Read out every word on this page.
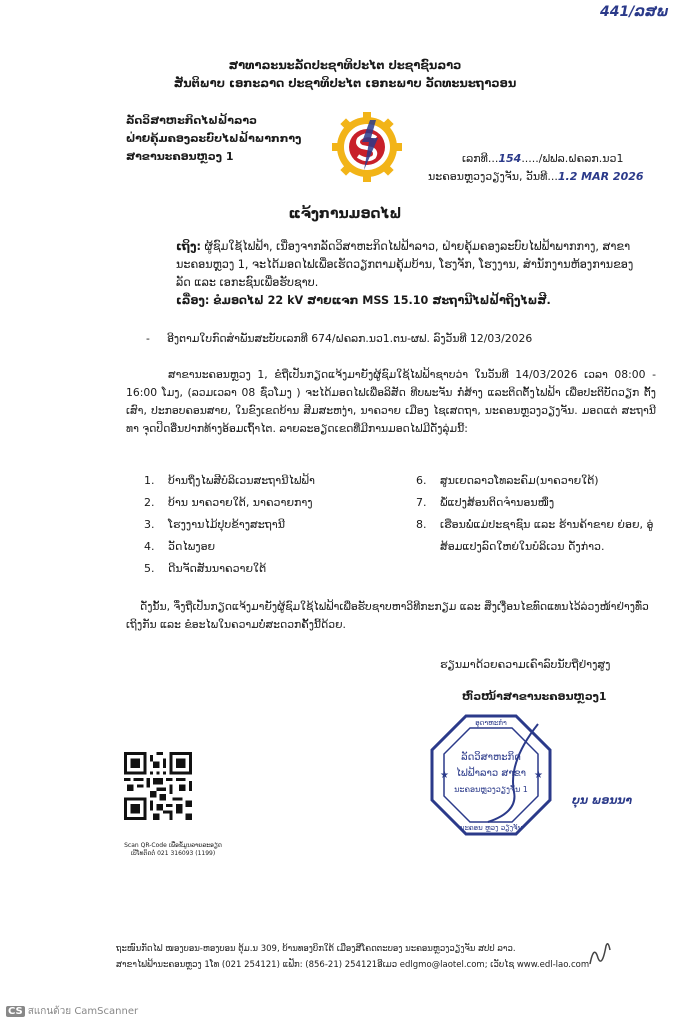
441/ລສພ
ສາທາລະນະລັດປະຊາທິປະໄຕ ປະຊາຊົນລາວ
ສັນຕິພາບ ເອກະລາດ ປະຊາທິປະໄຕ ເອກະພາບ ວັດທະນະຖາວອນ
ລັດວິສາຫະກິດໄຟຟ້າລາວ
ຝ່າຍຄຸ້ມຄອງລະບົບໄຟຟ້າພາກກາງ
ສາຂານະຄອນຫຼວງ 1	ເລກທີ...154...../ຟຟລ.ຝຄລກ.ນວ1
ນະຄອນຫຼວງວຽງຈັນ, ວັນທີ...1.2 MAR 2026
ແຈ້ງການມອດໄຟ
ເຖິງ: ຜູ້ຊົມໃຊ້ໄຟຟ້າ, ເນື່ອງຈາກລັດວິສາຫະກິດໄຟຟ້າລາວ, ຝ່າຍຄຸ້ມຄອງລະບົບໄຟຟ້າພາກກາງ, ສາຂານະຄອນຫຼວງ 1, ຈະໄດ້ມອດໄຟເພື່ອເຮັດວຽກຕາມຄຸ້ມບ້ານ, ໂຮງຈັກ, ໂຮງງານ, ສຳນັກງານຫ້ອງການຂອງລັດ ແລະ ເອກະຊົນເພື່ອຮັບຊາບ.
ເລື່ອງ: ຂໍມອດໄຟ 22 kV ສາຍແຈກ MSS 15.10 ສະຖານີໄຟຟ້າຖິງໄພສີ.
-     ອີງຕາມໃບກົດສໍາພັນສະບັບເລກທີ 674/ຝຄລກ.ນວ1.ຕນ-ຜຟ. ລົງວັນທີ 12/03/2026
ສາຂານະຄອນຫຼວງ 1, ຂໍຖືເປັນກຽດແຈ້ງມາຍັງຜູ້ຊົມໃຊ້ໄຟຟ້າຊາບວ່າ ໃນວັນທີ 14/03/2026 ເວລາ 08:00 - 16:00 ໂມງ, (ລວມເວລາ 08 ຊົ່ວໂມງ ) ຈະໄດ້ມອດໄຟເພື່ອລິສັດ ທີບພະຈັນ ກໍ່ສ້າງ ແລະຕິດຕັ້ງໄຟຟ້າ ເພື່ອປະຕິບັດວຽກ ຕັ້ງເສົາ, ປະກອບຄອນສາຍ, ໃນຂົງເຂດບ້ານ ສີມສະຫງ່າ, ນາຄວາຍ ເມືອງ ໄຊເສດຖາ, ນະຄອນຫຼວງວຽງຈັນ. ມອດແຕ່ ສະຖານີ ທາ ຈຸດປິດອື່ນປາກທ້າງອ້ອມເຖົ້າໄຕ. ລາຍລະອຽດເຂດທີ່ມີການມອດໄຟມີດັ່ງລຸ່ມນີ້:
1. ບ້ານຖິ່ງໄພສີບໍລິເວນສະຖານີໄຟຟ້າ
2. ບ້ານ ນາຄວາຍໃຕ້, ນາຄວາຍກາງ
3. ໂຮງງານໄມ້ປຸບຂ້າງສະຖານີ
4. ວັດໄພງອຍ
5. ດີນຈັດສັນນາຄວາຍໃຕ້
6. ສູນເຍດລາວໂທລະຄົມ(ນາຄວາຍໃຕ້)
7. ພໍ້ແປງສ້ອນຕິດຈໍານອນໜຶ່ງ
8.	ເຮືອນພໍ່ແມ່ປະຊາຊົນ ແລະ ຮ້ານຄ້າຂາຍ ຍ່ອຍ, ອູ່ສ້ອມແປງລົດໃຫຍ່ໃນບໍລິເວນ ດັ່ງກ່າວ.
ດັ່ງນັ້ນ, ຈຶ່ງຖືເປັນກຽດແຈ້ງມາຍັງຜູ້ຊົມໃຊ້ໄຟຟ້າເພື່ອຮັບຊາບຫາວິທີກະກຽມ ແລະ ສິ່ງເງື່ອນໄຂທົດແທນໄວ້ລ່ວງໜ້າຢ່າງທົ່ວເຖິງກັນ ແລະ ຂໍອະໄພໃນຄວາມບໍ່ສະດວກຄັ້ງນີ້ດ້ວຍ.
ຮຽນມາດ້ວຍຄວາມເຄົາລົບນັບຖືຢ່າງສູງ
ຫົວໜ້າສາຂານະຄອນຫຼວງ1
ອຸດາຫະກຳ
ລັດວິສາຫະກິດ
ໄຟຟ້າລາວ ສາຂາ
ນະຄອນຫຼວງວຽງຈັນ 1
ນະຄອນ ຫຼວງ ວຽງຈັນ
★	★
ບຸນ ພອນນາ
Scan QR-Code ເພື່ອຂໍ້ມູນລາຍລະອຽດ
ເບີໂທຕິດຕໍ່ 021 316093 (1199)
ຖະໜົນກັດໄຟ ໜອງບອນ-ຫອງບອນ ຕຸ້ມ.ນ 309, ບ້ານທອງບິກໃຕ້ ເມືອງສີໂຄດຕະບອງ ນະຄອນຫຼວງວຽງຈັນ ສປປ ລາວ.
ສາຂາໄຟຟ້ານະຄອນຫຼວງ 1ໂທ (021 254121) ແຟັກ: (856-21) 254121ອີເມວ edlgmo@laotel.com; ເວັບໄຊ www.edl-lao.com
CS สแกนด้วย CamScanner
